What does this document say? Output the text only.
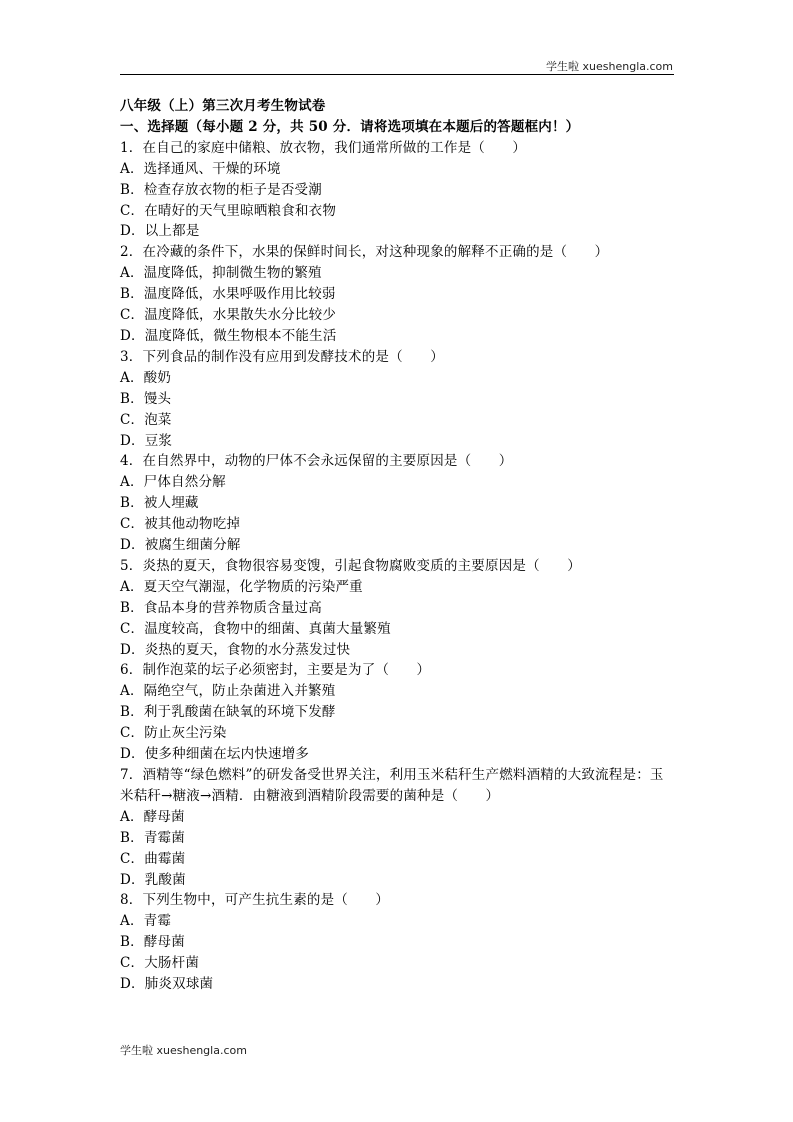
学生啦 xueshengla.com
八年级（上）第三次月考生物试卷
一、选择题（每小题 2 分，共 50 分．请将选项填在本题后的答题框内！）
1．在自己的家庭中储粮、放衣物，我们通常所做的工作是（　　）
A．选择通风、干燥的环境
B．检查存放衣物的柜子是否受潮
C．在晴好的天气里晾晒粮食和衣物
D．以上都是
2．在冷藏的条件下，水果的保鲜时间长，对这种现象的解释不正确的是（　　）
A．温度降低，抑制微生物的繁殖
B．温度降低，水果呼吸作用比较弱
C．温度降低，水果散失水分比较少
D．温度降低，微生物根本不能生活
3．下列食品的制作没有应用到发酵技术的是（　　）
A．酸奶
B．馒头
C．泡菜
D．豆浆
4．在自然界中，动物的尸体不会永远保留的主要原因是（　　）
A．尸体自然分解
B．被人埋藏
C．被其他动物吃掉
D．被腐生细菌分解
5．炎热的夏天，食物很容易变馊，引起食物腐败变质的主要原因是（　　）
A．夏天空气潮湿，化学物质的污染严重
B．食品本身的营养物质含量过高
C．温度较高，食物中的细菌、真菌大量繁殖
D．炎热的夏天，食物的水分蒸发过快
6．制作泡菜的坛子必须密封，主要是为了（　　）
A．隔绝空气，防止杂菌进入并繁殖
B．利于乳酸菌在缺氧的环境下发酵
C．防止灰尘污染
D．使多种细菌在坛内快速增多
7．酒精等“绿色燃料”的研发备受世界关注，利用玉米秸秆生产燃料酒精的大致流程是：玉米秸秆→糖液→酒精．由糖液到酒精阶段需要的菌种是（　　）
A．酵母菌
B．青霉菌
C．曲霉菌
D．乳酸菌
8．下列生物中，可产生抗生素的是（　　）
A．青霉
B．酵母菌
C．大肠杆菌
D．肺炎双球菌
学生啦 xueshengla.com
